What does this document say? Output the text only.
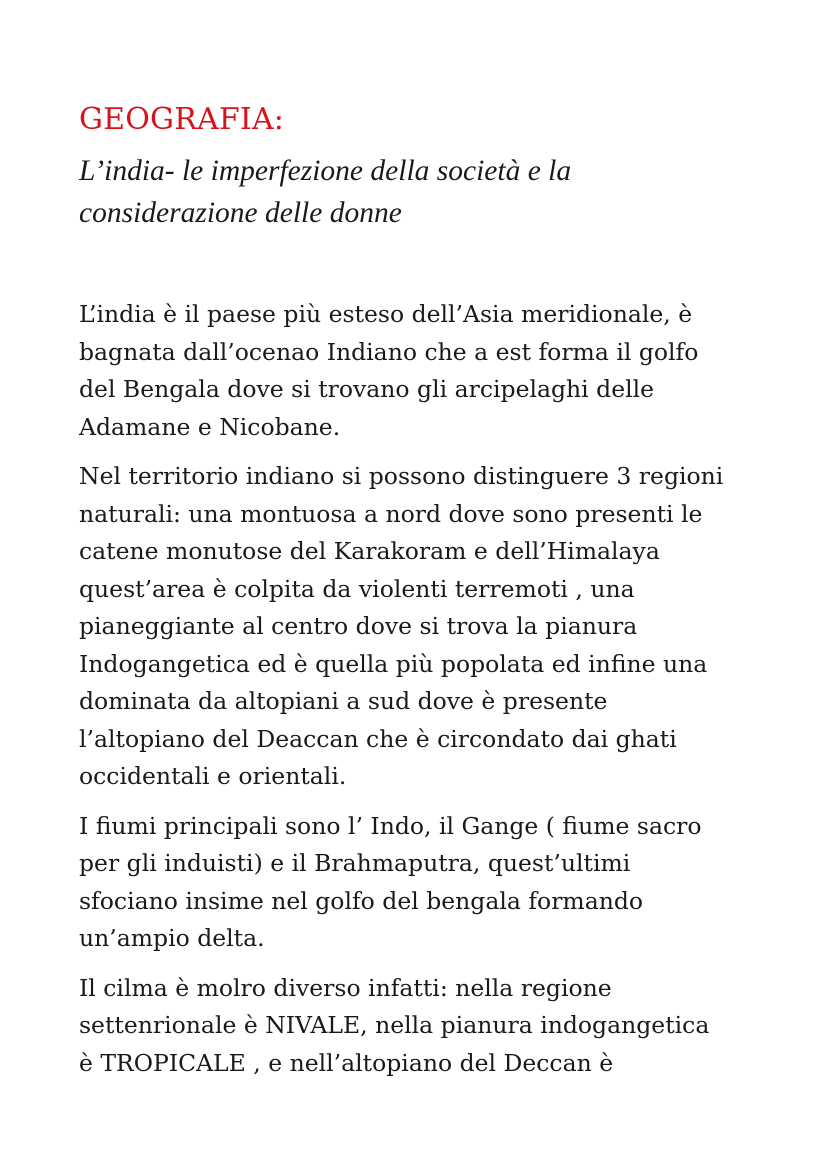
GEOGRAFIA:
L’india- le imperfezione della società e la
considerazione delle donne

L’india è il paese più esteso dell’Asia meridionale, è
bagnata dall’ocenao Indiano che a est forma il golfo
del Bengala dove si trovano gli arcipelaghi delle
Adamane e Nicobane.

Nel territorio indiano si possono distinguere 3 regioni
naturali: una montuosa a nord dove sono presenti le
catene monutose del Karakoram e dell’Himalaya
quest’area è colpita da violenti terremoti , una
pianeggiante al centro dove si trova la pianura
Indogangetica ed è quella più popolata ed infine una
dominata da altopiani a sud dove è presente
l’altopiano del Deaccan che è circondato dai ghati
occidentali e orientali.

I fiumi principali sono l’ Indo, il Gange ( fiume sacro
per gli induisti) e il Brahmaputra, quest’ultimi
sfociano insime nel golfo del bengala formando
un’ampio delta.

Il cilma è molro diverso infatti: nella regione
settenrionale è NIVALE, nella pianura indogangetica
è TROPICALE , e nell’altopiano del Deccan è
